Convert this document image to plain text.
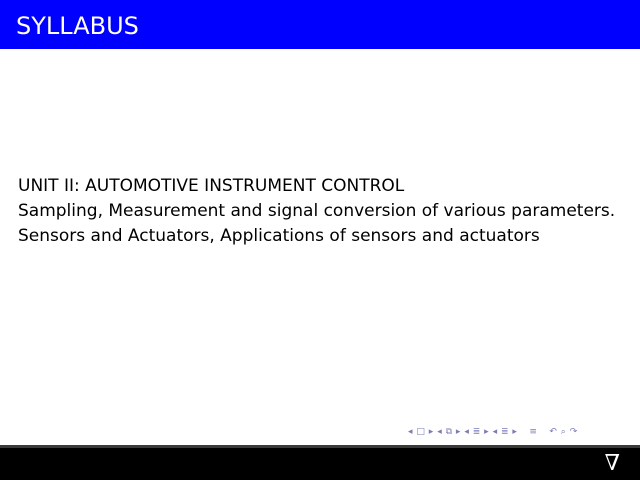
SYLLABUS
UNIT II: AUTOMOTIVE INSTRUMENT CONTROL
Sampling, Measurement and signal conversion of various parameters.
Sensors and Actuators, Applications of sensors and actuators
◂ □ ▸ ◂ ⧉ ▸ ◂ ≣ ▸ ◂ ≣ ▸ ≡ ↶ ⌕ ↷
∇
